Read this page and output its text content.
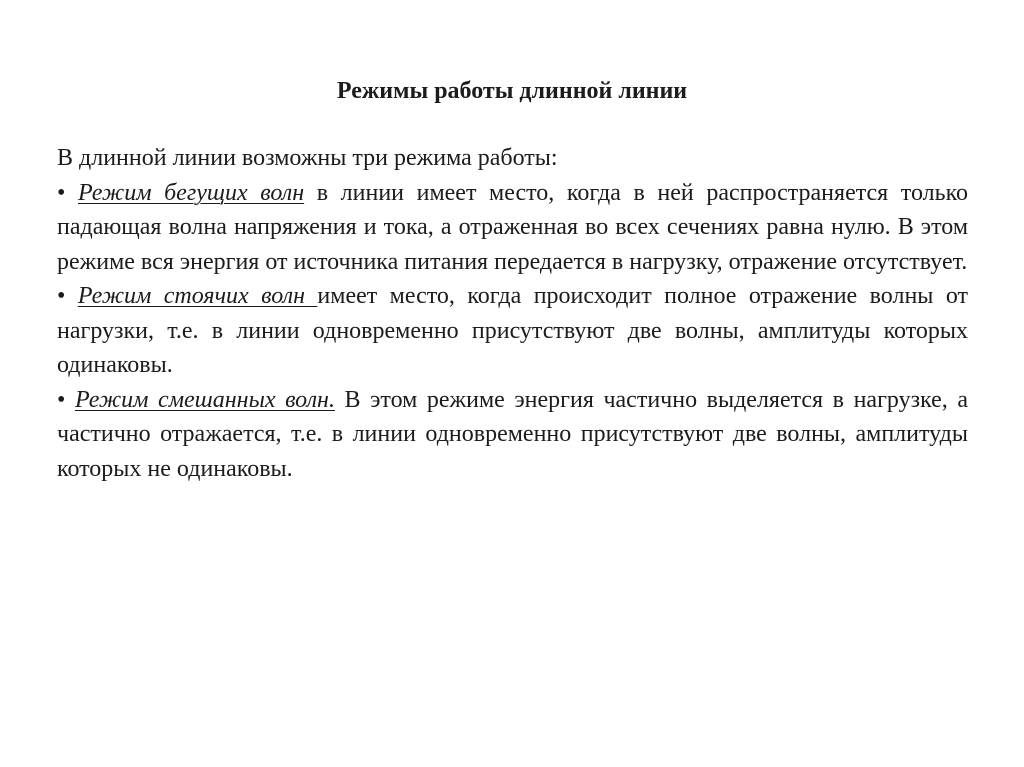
Режимы работы длинной линии

В длинной линии возможны три режима работы:

• Режим бегущих волн в линии имеет место, когда в ней распространяется только падающая волна напряжения и тока, а отраженная во всех сечениях равна нулю. В этом режиме вся энергия от источника питания передается в нагрузку, отражение отсутствует.

• Режим стоячих волн имеет место, когда происходит полное отражение волны от нагрузки, т.е. в линии одновременно присутствуют две волны, амплитуды которых одинаковы.

• Режим смешанных волн. В этом режиме энергия частично выделяется в нагрузке, а частично отражается, т.е. в линии одновременно присутствуют две волны, амплитуды которых не одинаковы.
